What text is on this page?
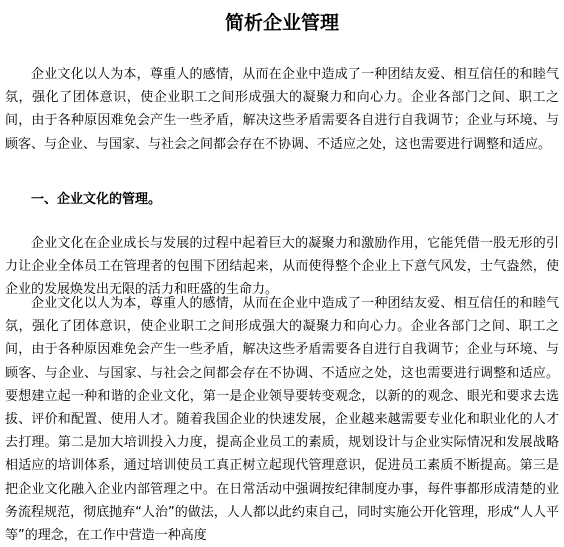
简析企业管理

企业文化以人为本，尊重人的感情，从而在企业中造成了一种团结友爱、相互信任的和睦气氛，强化了团体意识，使企业职工之间形成强大的凝聚力和向心力。企业各部门之间、职工之间，由于各种原因难免会产生一些矛盾，解决这些矛盾需要各自进行自我调节；企业与环境、与顾客、与企业、与国家、与社会之间都会存在不协调、不适应之处，这也需要进行调整和适应。

一、企业文化的管理。

企业文化在企业成长与发展的过程中起着巨大的凝聚力和激励作用，它能凭借一股无形的引力让企业全体员工在管理者的包围下团结起来，从而使得整个企业上下意气风发，士气盎然，使企业的发展焕发出无限的活力和旺盛的生命力。

企业文化以人为本，尊重人的感情，从而在企业中造成了一种团结友爱、相互信任的和睦气氛，强化了团体意识，使企业职工之间形成强大的凝聚力和向心力。企业各部门之间、职工之间，由于各种原因难免会产生一些矛盾，解决这些矛盾需要各自进行自我调节；企业与环境、与顾客、与企业、与国家、与社会之间都会存在不协调、不适应之处，这也需要进行调整和适应。 要想建立起一种和谐的企业文化，第一是企业领导要转变观念，以新的的观念、眼光和要求去选拔、评价和配置、使用人才。随着我国企业的快速发展，企业越来越需要专业化和职业化的人才去打理。第二是加大培训投入力度，提高企业员工的素质，规划设计与企业实际情况和发展战略相适应的培训体系，通过培训使员工真正树立起现代管理意识，促进员工素质不断提高。第三是把企业文化融入企业内部管理之中。在日常活动中强调按纪律制度办事，每件事都形成清楚的业务流程规范，彻底抛弃“人治”的做法，人人都以此约束自己，同时实施公开化管理，形成“人人平等”的理念，在工作中营造一种高度
